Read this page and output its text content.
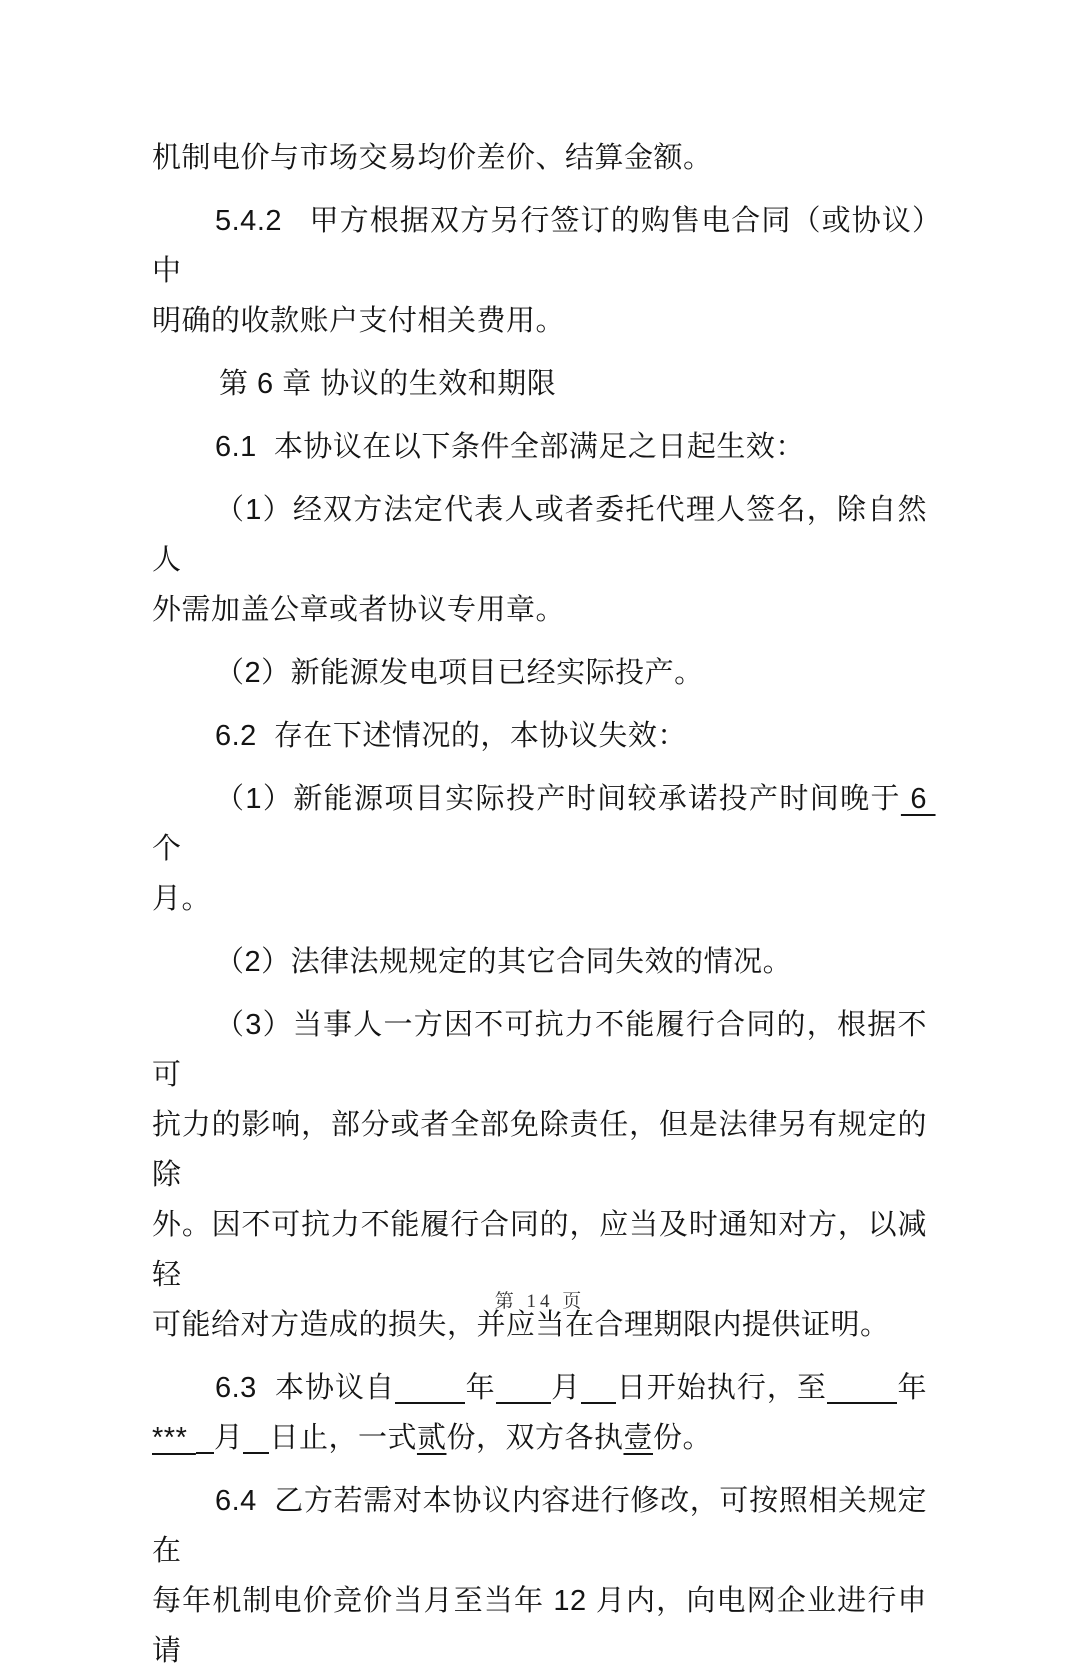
机制电价与市场交易均价差价、结算金额。
5.4.2   甲方根据双方另行签订的购售电合同（或协议）中
明确的收款账户支付相关费用。
第 6 章 协议的生效和期限
6.1  本协议在以下条件全部满足之日起生效：
（1）经双方法定代表人或者委托代理人签名，除自然人
外需加盖公章或者协议专用章。
（2）新能源发电项目已经实际投产。
6.2  存在下述情况的，本协议失效：
（1）新能源项目实际投产时间较承诺投产时间晚于 6 个
月。
（2）法律法规规定的其它合同失效的情况。
（3）当事人一方因不可抗力不能履行合同的，根据不可
抗力的影响，部分或者全部免除责任，但是法律另有规定的除
外。因不可抗力不能履行合同的，应当及时通知对方，以减轻
可能给对方造成的损失，并应当在合理期限内提供证明。
6.3  本协议自 年 月 日开始执行，至 年
*** 月 日止，一式贰份，双方各执壹份。
6.4  乙方若需对本协议内容进行修改，可按照相关规定在
每年机制电价竞价当月至当年 12 月内，向电网企业进行申请
第 14 页
